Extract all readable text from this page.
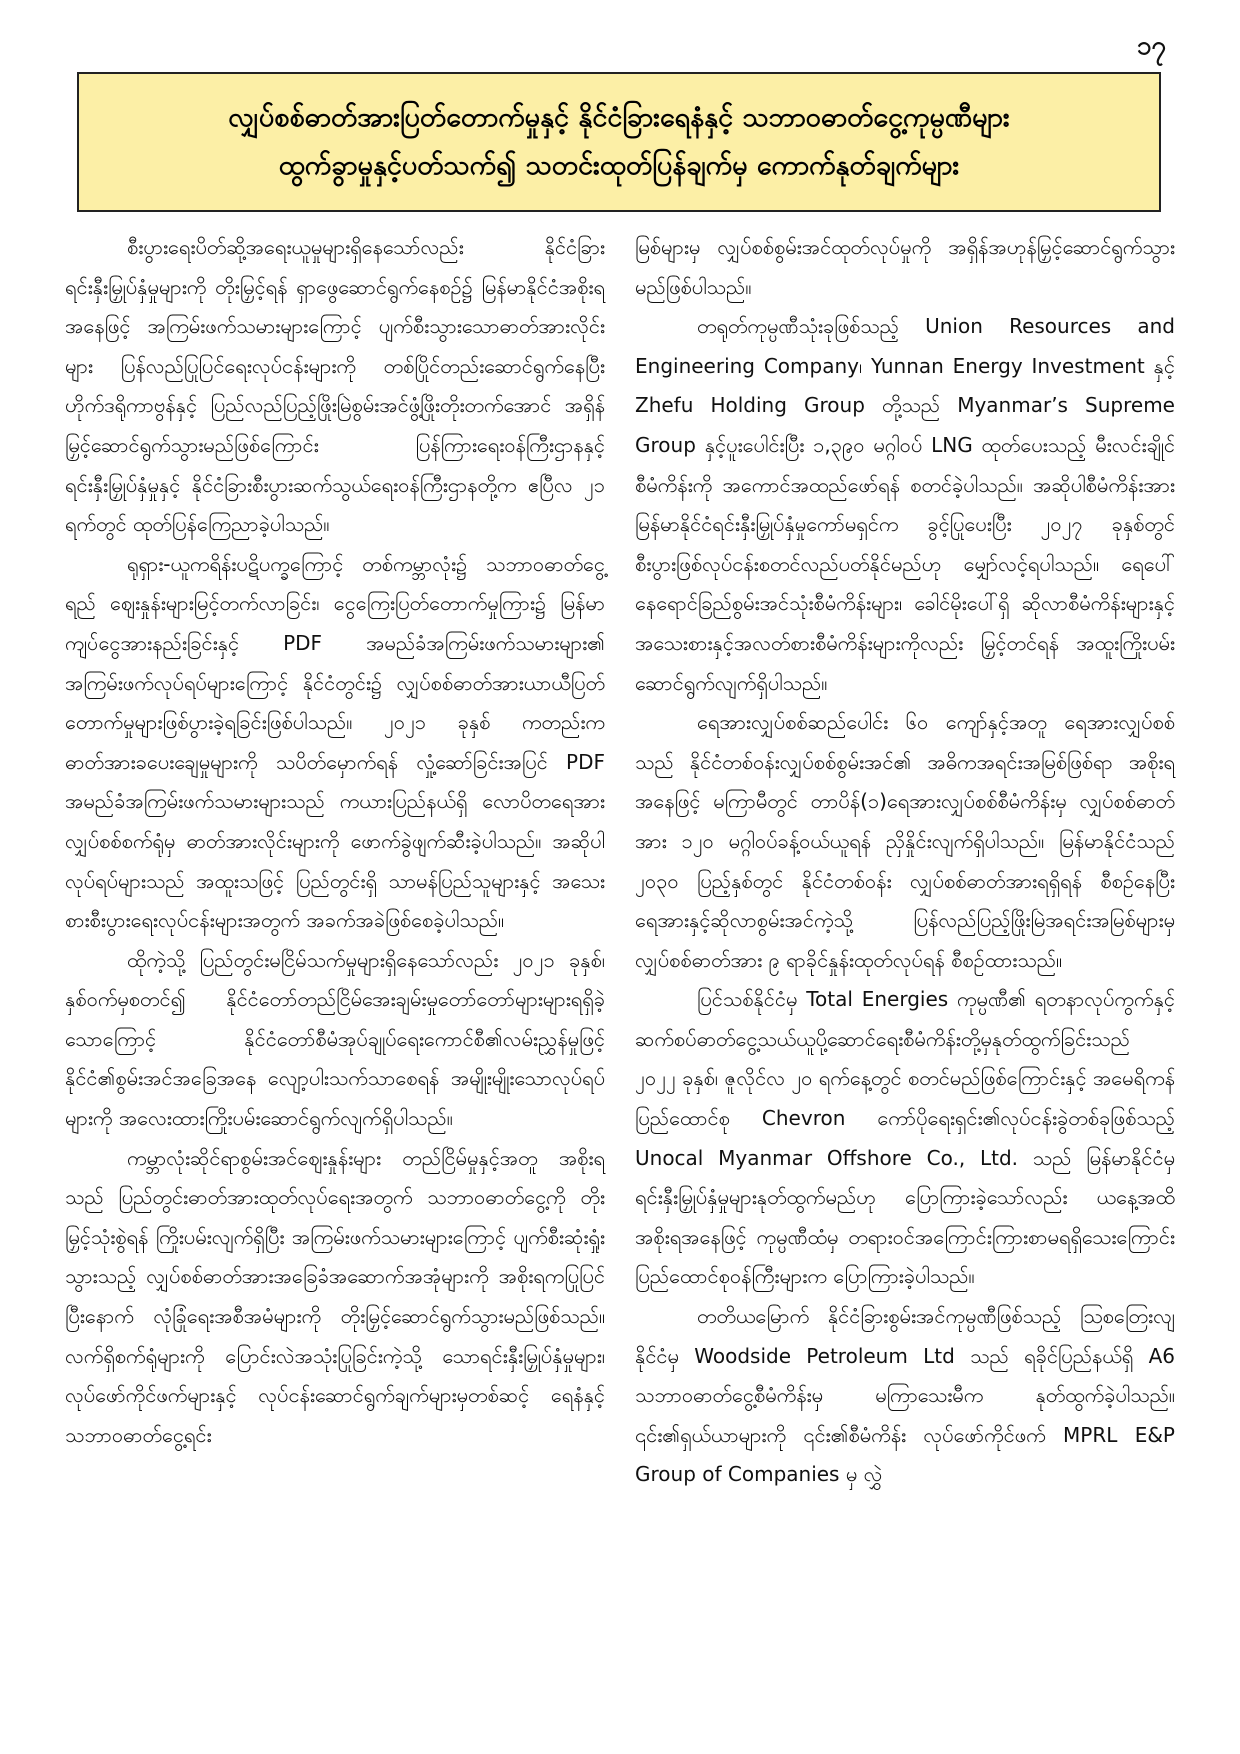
၁၇
လျှပ်စစ်ဓာတ်အားပြတ်တောက်မှုနှင့် နိုင်ငံခြားရေနံနှင့် သဘာဝဓာတ်ငွေ့ကုမ္ပဏီများ
ထွက်ခွာမှုနှင့်ပတ်သက်၍ သတင်းထုတ်ပြန်ချက်မှ ကောက်နုတ်ချက်များ

စီးပွားရေးပိတ်ဆို့အရေးယူမှုများရှိနေသော်လည်း နိုင်ငံခြားရင်းနှီးမြှုပ်နှံမှုများကို တိုးမြှင့်ရန် ရှာဖွေဆောင်ရွက်နေစဉ်၌ မြန်မာနိုင်ငံအစိုးရအနေဖြင့် အကြမ်းဖက်သမားများကြောင့် ပျက်စီးသွားသောဓာတ်အားလိုင်းများ ပြန်လည်ပြုပြင်ရေးလုပ်ငန်းများကို တစ်ပြိုင်တည်းဆောင်ရွက်နေပြီး ဟိုက်ဒရိုကာဗွန်နှင့် ပြည်လည်ပြည့်ဖြိုးမြဲစွမ်းအင်ဖွံ့ဖြိုးတိုးတက်အောင် အရှိန်မြှင့်ဆောင်ရွက်သွားမည်ဖြစ်ကြောင်း ပြန်ကြားရေးဝန်ကြီးဌာနနှင့် ရင်းနှီးမြှုပ်နှံမှုနှင့် နိုင်ငံခြားစီးပွားဆက်သွယ်ရေးဝန်ကြီးဌာနတို့က ဧပြီလ ၂၁ ရက်တွင် ထုတ်ပြန်ကြေညာခဲ့ပါသည်။

ရုရှား-ယူကရိန်းပဋိပက္ခကြောင့် တစ်ကမ္ဘာလုံး၌ သဘာဝဓာတ်ငွေ့ရည် ဈေးနှုန်းများမြင့်တက်လာခြင်း၊ ငွေကြေးပြတ်တောက်မှုကြား၌ မြန်မာကျပ်ငွေအားနည်းခြင်းနှင့် PDF အမည်ခံအကြမ်းဖက်သမားများ၏ အကြမ်းဖက်လုပ်ရပ်များကြောင့် နိုင်ငံတွင်း၌ လျှပ်စစ်ဓာတ်အားယာယီပြတ်တောက်မှုများဖြစ်ပွားခဲ့ရခြင်းဖြစ်ပါသည်။ ၂၀၂၁ ခုနှစ် ကတည်းက ဓာတ်အားခပေးချေမှုများကို သပိတ်မှောက်ရန် လှုံ့ဆော်ခြင်းအပြင် PDF အမည်ခံအကြမ်းဖက်သမားများသည် ကယားပြည်နယ်ရှိ လောပိတရေအားလျှပ်စစ်စက်ရုံမှ ဓာတ်အားလိုင်းများကို ဖောက်ခွဲဖျက်ဆီးခဲ့ပါသည်။ အဆိုပါလုပ်ရပ်များသည် အထူးသဖြင့် ပြည်တွင်းရှိ သာမန်ပြည်သူများနှင့် အသေးစားစီးပွားရေးလုပ်ငန်းများအတွက် အခက်အခဲဖြစ်စေခဲ့ပါသည်။

ထိုကဲ့သို့ ပြည်တွင်းမငြိမ်သက်မှုများရှိနေသော်လည်း ၂၀၂၁ ခုနှစ်၊ နှစ်ဝက်မှစတင်၍ နိုင်ငံတော်တည်ငြိမ်အေးချမ်းမှုတော်တော်များများရရှိခဲ့သောကြောင့် နိုင်ငံတော်စီမံအုပ်ချုပ်ရေးကောင်စီ၏လမ်းညွှန်မှုဖြင့် နိုင်ငံ၏စွမ်းအင်အခြေအနေ လျော့ပါးသက်သာစေရန် အမျိုးမျိုးသောလုပ်ရပ်များကို အလေးထားကြိုးပမ်းဆောင်ရွက်လျက်ရှိပါသည်။

ကမ္ဘာလုံးဆိုင်ရာစွမ်းအင်ဈေးနှုန်းများ တည်ငြိမ်မှုနှင့်အတူ အစိုးရသည် ပြည်တွင်းဓာတ်အားထုတ်လုပ်ရေးအတွက် သဘာဝဓာတ်ငွေ့ကို တိုးမြှင့်သုံးစွဲရန် ကြိုးပမ်းလျက်ရှိပြီး အကြမ်းဖက်သမားများကြောင့် ပျက်စီးဆုံးရှုံးသွားသည့် လျှပ်စစ်ဓာတ်အားအခြေခံအဆောက်အအုံများကို အစိုးရကပြုပြင်ပြီးနောက် လုံခြုံရေးအစီအမံများကို တိုးမြှင့်ဆောင်ရွက်သွားမည်ဖြစ်သည်။ လက်ရှိစက်ရုံများကို ပြောင်းလဲအသုံးပြုခြင်းကဲ့သို့ သောရင်းနှီးမြှုပ်နှံမှုများ၊ လုပ်ဖော်ကိုင်ဖက်များနှင့် လုပ်ငန်းဆောင်ရွက်ချက်များမှတစ်ဆင့် ရေနံနှင့်သဘာဝဓာတ်ငွေ့ရင်း

မြစ်များမှ လျှပ်စစ်စွမ်းအင်ထုတ်လုပ်မှုကို အရှိန်အဟုန်မြှင့်ဆောင်ရွက်သွားမည်ဖြစ်ပါသည်။

တရုတ်ကုမ္ပဏီသုံးခုဖြစ်သည့် Union Resources and Engineering Company၊ Yunnan Energy Investment နှင့် Zhefu Holding Group တို့သည် Myanmar’s Supreme Group နှင့်ပူးပေါင်းပြီး ၁,၃၉၀ မဂ္ဂါဝပ် LNG ထုတ်ပေးသည့် မီးလင်းချိုင်စီမံကိန်းကို အကောင်အထည်ဖော်ရန် စတင်ခဲ့ပါသည်။ အဆိုပါစီမံကိန်းအား မြန်မာနိုင်ငံရင်းနှီးမြှုပ်နှံမှုကော်မရှင်က ခွင့်ပြုပေးပြီး ၂၀၂၇ ခုနှစ်တွင် စီးပွားဖြစ်လုပ်ငန်းစတင်လည်ပတ်နိုင်မည်ဟု မျှော်လင့်ရပါသည်။ ရေပေါ်နေရောင်ခြည်စွမ်းအင်သုံးစီမံကိန်းများ၊ ခေါင်မိုးပေါ်ရှိ ဆိုလာစီမံကိန်းများနှင့် အသေးစားနှင့်အလတ်စားစီမံကိန်းများကိုလည်း မြှင့်တင်ရန် အထူးကြိုးပမ်းဆောင်ရွက်လျက်ရှိပါသည်။

ရေအားလျှပ်စစ်ဆည်ပေါင်း ၆၀ ကျော်နှင့်အတူ ရေအားလျှပ်စစ်သည် နိုင်ငံတစ်ဝန်းလျှပ်စစ်စွမ်းအင်၏ အဓိကအရင်းအမြစ်ဖြစ်ရာ အစိုးရအနေဖြင့် မကြာမီတွင် တာပိန်(၁)ရေအားလျှပ်စစ်စီမံကိန်းမှ လျှပ်စစ်ဓာတ်အား ၁၂၀ မဂ္ဂါဝပ်ခန့်ဝယ်ယူရန် ညှိနှိုင်းလျက်ရှိပါသည်။ မြန်မာနိုင်ငံသည် ၂၀၃၀ ပြည့်နှစ်တွင် နိုင်ငံတစ်ဝန်း လျှပ်စစ်ဓာတ်အားရရှိရန် စီစဉ်နေပြီး ရေအားနှင့်ဆိုလာစွမ်းအင်ကဲ့သို့ ပြန်လည်ပြည့်ဖြိုးမြဲအရင်းအမြစ်များမှ လျှပ်စစ်ဓာတ်အား ၉ ရာခိုင်နှုန်းထုတ်လုပ်ရန် စီစဉ်ထားသည်။

ပြင်သစ်နိုင်ငံမှ Total Energies ကုမ္ပဏီ၏ ရတနာလုပ်ကွက်နှင့် ဆက်စပ်ဓာတ်ငွေ့သယ်ယူပို့ဆောင်ရေးစီမံကိန်းတို့မှနုတ်ထွက်ခြင်းသည် ၂၀၂၂ ခုနှစ်၊ ဇူလိုင်လ ၂၀ ရက်နေ့တွင် စတင်မည်ဖြစ်ကြောင်းနှင့် အမေရိကန်ပြည်ထောင်စု Chevron ကော်ပိုရေးရှင်း၏လုပ်ငန်းခွဲတစ်ခုဖြစ်သည့် Unocal Myanmar Offshore Co., Ltd. သည် မြန်မာနိုင်ငံမှ ရင်းနှီးမြှုပ်နှံမှုများနုတ်ထွက်မည်ဟု ပြောကြားခဲ့သော်လည်း ယနေ့အထိ အစိုးရအနေဖြင့် ကုမ္ပဏီထံမှ တရားဝင်အကြောင်းကြားစာမရရှိသေးကြောင်း ပြည်ထောင်စုဝန်ကြီးများက ပြောကြားခဲ့ပါသည်။

တတိယမြောက် နိုင်ငံခြားစွမ်းအင်ကုမ္ပဏီဖြစ်သည့် ဩစတြေးလျနိုင်ငံမှ Woodside Petroleum Ltd သည် ရခိုင်ပြည်နယ်ရှိ A6 သဘာဝဓာတ်ငွေ့စီမံကိန်းမှ မကြာသေးမီက နုတ်ထွက်ခဲ့ပါသည်။ ၎င်း၏ရှယ်ယာများကို ၎င်း၏စီမံကိန်း လုပ်ဖော်ကိုင်ဖက် MPRL E&P Group of Companies မှ လွှဲ
